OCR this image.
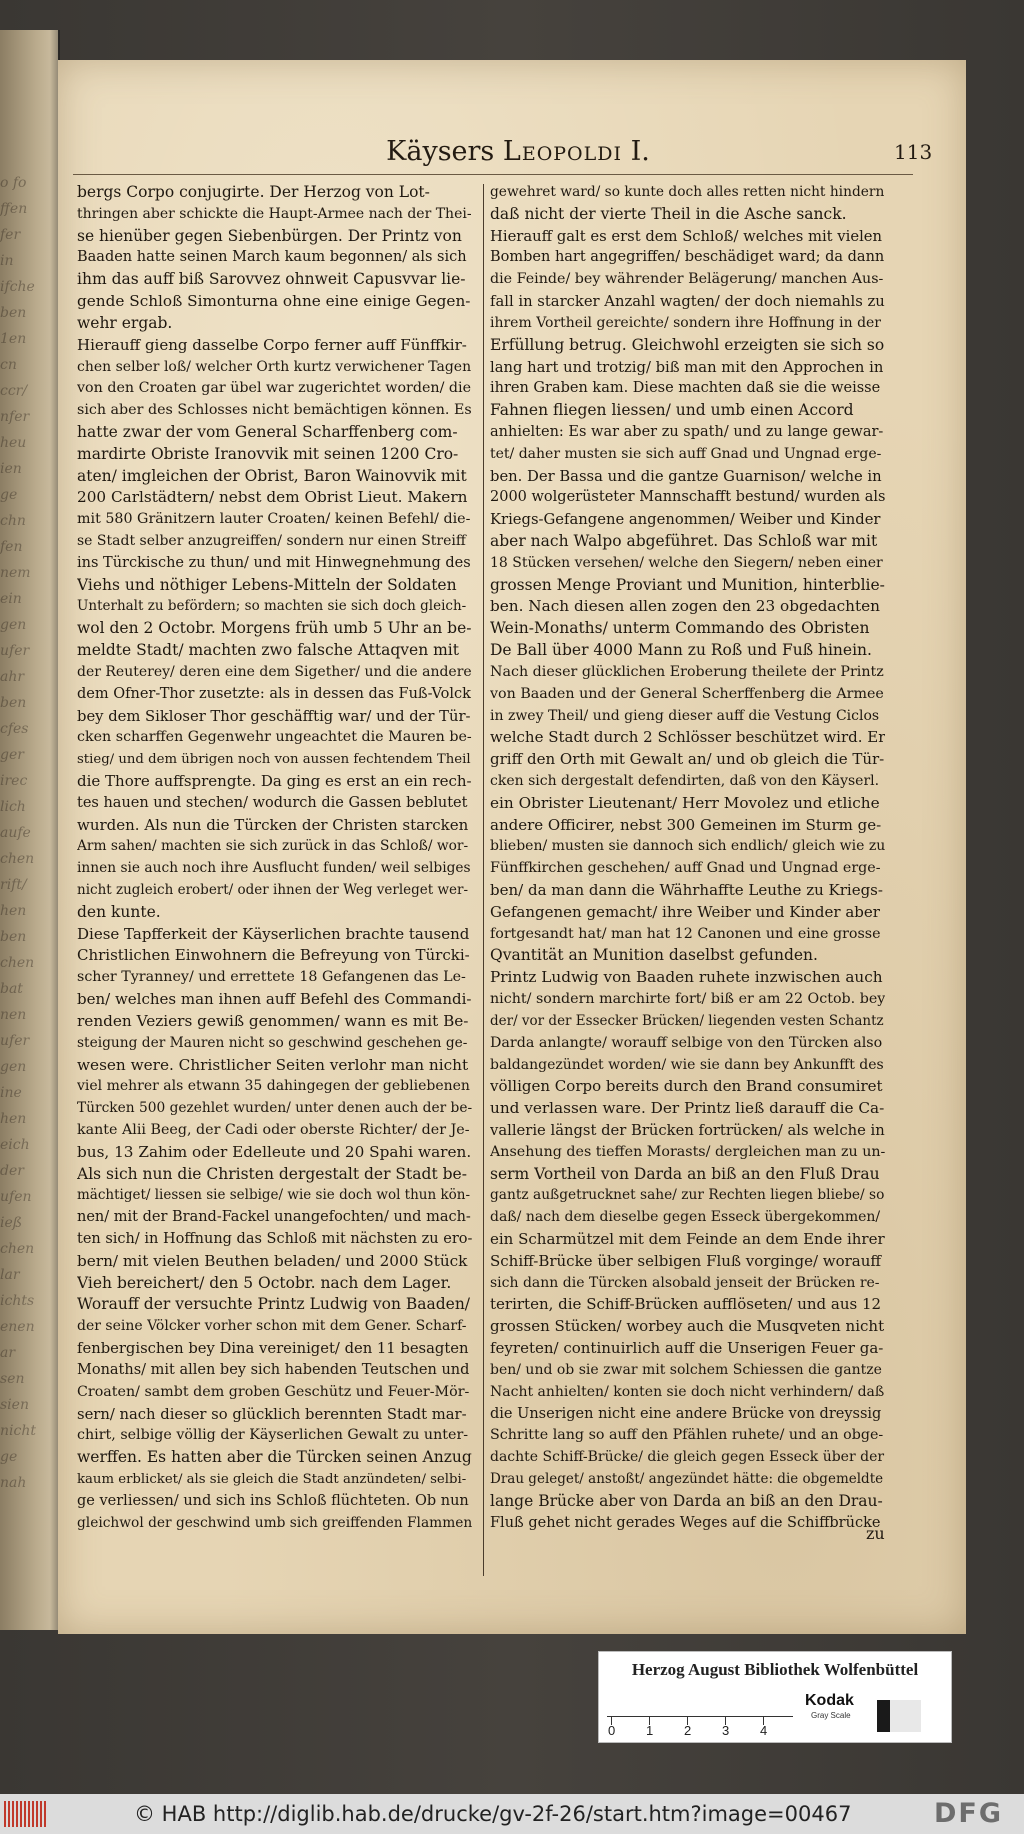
o fo
ffen
fer
in
ifche
ben
1en
cn
ccr/
nfer
heu
ien
ge
chn
fen
nem
ein
gen
ufer
ahr
ben
cfes
ger
irec
lich
aufe
chen
rift/
hen
ben
chen
bat
nen
ufer
gen
ine
hen
eich
der
ufen
ieß
chen
lar
ichts
enen
ar
sen
sien
nicht
ge
nah
Käysers Leopoldi I.	113
bergs Corpo conjugirte. Der Herzog von Lot-
thringen aber schickte die Haupt-Armee nach der Thei-
se hienüber gegen Siebenbürgen. Der Printz von
Baaden hatte seinen March kaum begonnen/ als sich
ihm das auff biß Sarovvez ohnweit Capusvvar lie-
gende Schloß Simonturna ohne eine einige Gegen-
wehr ergab.
Hierauff gieng dasselbe Corpo ferner auff Fünffkir-
chen selber loß/ welcher Orth kurtz verwichener Tagen
von den Croaten gar übel war zugerichtet worden/ die
sich aber des Schlosses nicht bemächtigen können. Es
hatte zwar der vom General Scharffenberg com-
mardirte Obriste Iranovvik mit seinen 1200 Cro-
aten/ imgleichen der Obrist, Baron Wainovvik mit
200 Carlstädtern/ nebst dem Obrist Lieut. Makern
mit 580 Gränitzern lauter Croaten/ keinen Befehl/ die-
se Stadt selber anzugreiffen/ sondern nur einen Streiff
ins Türckische zu thun/ und mit Hinwegnehmung des
Viehs und nöthiger Lebens-Mitteln der Soldaten
Unterhalt zu befördern; so machten sie sich doch gleich-
wol den 2 Octobr. Morgens früh umb 5 Uhr an be-
meldte Stadt/ machten zwo falsche Attaqven mit
der Reuterey/ deren eine dem Sigether/ und die andere
dem Ofner-Thor zusetzte: als in dessen das Fuß-Volck
bey dem Sikloser Thor geschäfftig war/ und der Tür-
cken scharffen Gegenwehr ungeachtet die Mauren be-
stieg/ und dem übrigen noch von aussen fechtendem Theil
die Thore auffsprengte. Da ging es erst an ein rech-
tes hauen und stechen/ wodurch die Gassen beblutet
wurden. Als nun die Türcken der Christen starcken
Arm sahen/ machten sie sich zurück in das Schloß/ wor-
innen sie auch noch ihre Ausflucht funden/ weil selbiges
nicht zugleich erobert/ oder ihnen der Weg verleget wer-
den kunte.
Diese Tapfferkeit der Käyserlichen brachte tausend
Christlichen Einwohnern die Befreyung von Türcki-
scher Tyranney/ und errettete 18 Gefangenen das Le-
ben/ welches man ihnen auff Befehl des Commandi-
renden Veziers gewiß genommen/ wann es mit Be-
steigung der Mauren nicht so geschwind geschehen ge-
wesen were. Christlicher Seiten verlohr man nicht
viel mehrer als etwann 35 dahingegen der gebliebenen
Türcken 500 gezehlet wurden/ unter denen auch der be-
kante Alii Beeg, der Cadi oder oberste Richter/ der Je-
bus, 13 Zahim oder Edelleute und 20 Spahi waren.
Als sich nun die Christen dergestalt der Stadt be-
mächtiget/ liessen sie selbige/ wie sie doch wol thun kön-
nen/ mit der Brand-Fackel unangefochten/ und mach-
ten sich/ in Hoffnung das Schloß mit nächsten zu ero-
bern/ mit vielen Beuthen beladen/ und 2000 Stück
Vieh bereichert/ den 5 Octobr. nach dem Lager.
Worauff der versuchte Printz Ludwig von Baaden/
der seine Völcker vorher schon mit dem Gener. Scharf-
fenbergischen bey Dina vereiniget/ den 11 besagten
Monaths/ mit allen bey sich habenden Teutschen und
Croaten/ sambt dem groben Geschütz und Feuer-Mör-
sern/ nach dieser so glücklich berennten Stadt mar-
chirt, selbige völlig der Käyserlichen Gewalt zu unter-
werffen. Es hatten aber die Türcken seinen Anzug
kaum erblicket/ als sie gleich die Stadt anzündeten/ selbi-
ge verliessen/ und sich ins Schloß flüchteten. Ob nun
gleichwol der geschwind umb sich greiffenden Flammen
gewehret ward/ so kunte doch alles retten nicht hindern
daß nicht der vierte Theil in die Asche sanck.
Hierauff galt es erst dem Schloß/ welches mit vielen
Bomben hart angegriffen/ beschädiget ward; da dann
die Feinde/ bey währender Belägerung/ manchen Aus-
fall in starcker Anzahl wagten/ der doch niemahls zu
ihrem Vortheil gereichte/ sondern ihre Hoffnung in der
Erfüllung betrug. Gleichwohl erzeigten sie sich so
lang hart und trotzig/ biß man mit den Approchen in
ihren Graben kam. Diese machten daß sie die weisse
Fahnen fliegen liessen/ und umb einen Accord
anhielten: Es war aber zu spath/ und zu lange gewar-
tet/ daher musten sie sich auff Gnad und Ungnad erge-
ben. Der Bassa und die gantze Guarnison/ welche in
2000 wolgerüsteter Mannschafft bestund/ wurden als
Kriegs-Gefangene angenommen/ Weiber und Kinder
aber nach Walpo abgeführet. Das Schloß war mit
18 Stücken versehen/ welche den Siegern/ neben einer
grossen Menge Proviant und Munition, hinterblie-
ben. Nach diesen allen zogen den 23 obgedachten
Wein-Monaths/ unterm Commando des Obristen
De Ball über 4000 Mann zu Roß und Fuß hinein.
Nach dieser glücklichen Eroberung theilete der Printz
von Baaden und der General Scherffenberg die Armee
in zwey Theil/ und gieng dieser auff die Vestung Ciclos
welche Stadt durch 2 Schlösser beschützet wird. Er
griff den Orth mit Gewalt an/ und ob gleich die Tür-
cken sich dergestalt defendirten, daß von den Käyserl.
ein Obrister Lieutenant/ Herr Movolez und etliche
andere Officirer, nebst 300 Gemeinen im Sturm ge-
blieben/ musten sie dannoch sich endlich/ gleich wie zu
Fünffkirchen geschehen/ auff Gnad und Ungnad erge-
ben/ da man dann die Währhaffte Leuthe zu Kriegs-
Gefangenen gemacht/ ihre Weiber und Kinder aber
fortgesandt hat/ man hat 12 Canonen und eine grosse
Qvantität an Munition daselbst gefunden.
Printz Ludwig von Baaden ruhete inzwischen auch
nicht/ sondern marchirte fort/ biß er am 22 Octob. bey
der/ vor der Essecker Brücken/ liegenden vesten Schantz
Darda anlangte/ worauff selbige von den Türcken also
baldangezündet worden/ wie sie dann bey Ankunfft des
völligen Corpo bereits durch den Brand consumiret
und verlassen ware. Der Printz ließ darauff die Ca-
vallerie längst der Brücken fortrücken/ als welche in
Ansehung des tieffen Morasts/ dergleichen man zu un-
serm Vortheil von Darda an biß an den Fluß Drau
gantz außgetrucknet sahe/ zur Rechten liegen bliebe/ so
daß/ nach dem dieselbe gegen Esseck übergekommen/
ein Scharmützel mit dem Feinde an dem Ende ihrer
Schiff-Brücke über selbigen Fluß vorginge/ worauff
sich dann die Türcken alsobald jenseit der Brücken re-
terirten, die Schiff-Brücken aufflöseten/ und aus 12
grossen Stücken/ worbey auch die Musqveten nicht
feyreten/ continuirlich auff die Unserigen Feuer ga-
ben/ und ob sie zwar mit solchem Schiessen die gantze
Nacht anhielten/ konten sie doch nicht verhindern/ daß
die Unserigen nicht eine andere Brücke von dreyssig
Schritte lang so auff den Pfählen ruhete/ und an obge-
dachte Schiff-Brücke/ die gleich gegen Esseck über der
Drau geleget/ anstoßt/ angezündet hätte: die obgemeldte
lange Brücke aber von Darda an biß an den Drau-
Fluß gehet nicht gerades Weges auf die Schiffbrücke
zu
Herzog August Bibliothek Wolfenbüttel
0 1 2 3 4
Kodak
Gray Scale
© HAB http://diglib.hab.de/drucke/gv-2f-26/start.htm?image=00467	DFG
